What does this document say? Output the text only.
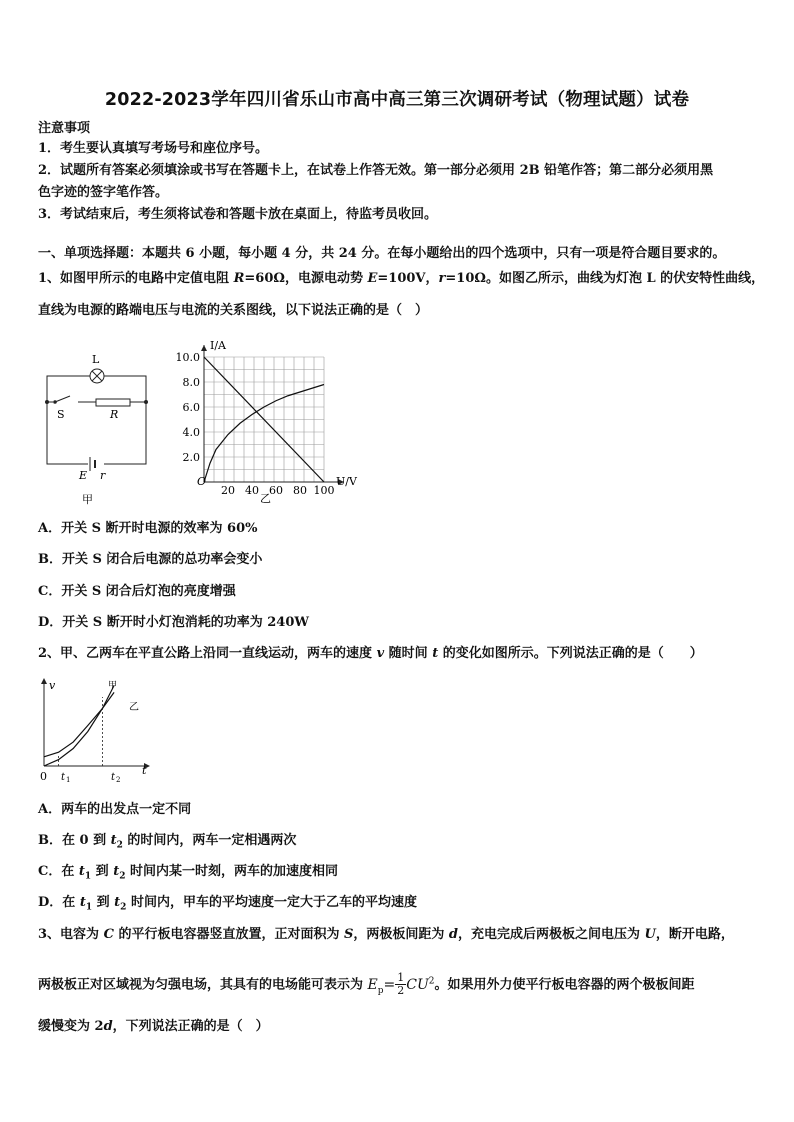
2022-2023学年四川省乐山市高中高三第三次调研考试（物理试题）试卷
注意事项
1．考生要认真填写考场号和座位序号。
2．试题所有答案必须填涂或书写在答题卡上，在试卷上作答无效。第一部分必须用 2B 铅笔作答；第二部分必须用黑
色字迹的签字笔作答。
3．考试结束后，考生须将试卷和答题卡放在桌面上，待监考员收回。
一、单项选择题：本题共 6 小题，每小题 4 分，共 24 分。在每小题给出的四个选项中，只有一项是符合题目要求的。
1、如图甲所示的电路中定值电阻 R=60Ω，电源电动势 E=100V，r=10Ω。如图乙所示，曲线为灯泡 L 的伏安特性曲线，
直线为电源的路端电压与电流的关系图线，以下说法正确的是（　）
L
S	R
E r
甲
10.0
8.0
6.0
4.0
2.0
20 40 60 80 100
I/A
U/V
O
乙
A．开关 S 断开时电源的效率为 60%
B．开关 S 闭合后电源的总功率会变小
C．开关 S 闭合后灯泡的亮度增强
D．开关 S 断开时小灯泡消耗的功率为 240W
2、甲、乙两车在平直公路上沿同一直线运动，两车的速度 v 随时间 t 的变化如图所示。下列说法正确的是（　　）
v
t
0 t 1	t 2
甲
乙
A．两车的出发点一定不同
B．在 0 到 $t_2$ 的时间内，两车一定相遇两次
C．在 $t_1$ 到 $t_2$ 时间内某一时刻，两车的加速度相同
D．在 $t_1$ 到 $t_2$ 时间内，甲车的平均速度一定大于乙车的平均速度
3、电容为 C 的平行板电容器竖直放置，正对面积为 S，两极板间距为 d，充电完成后两极板之间电压为 U，断开电路，
两极板正对区域视为匀强电场，其具有的电场能可表示为 $E_p= \frac{1}{2} CU^2$。如果用外力使平行板电容器的两个极板间距
缓慢变为 2d，下列说法正确的是（　）
